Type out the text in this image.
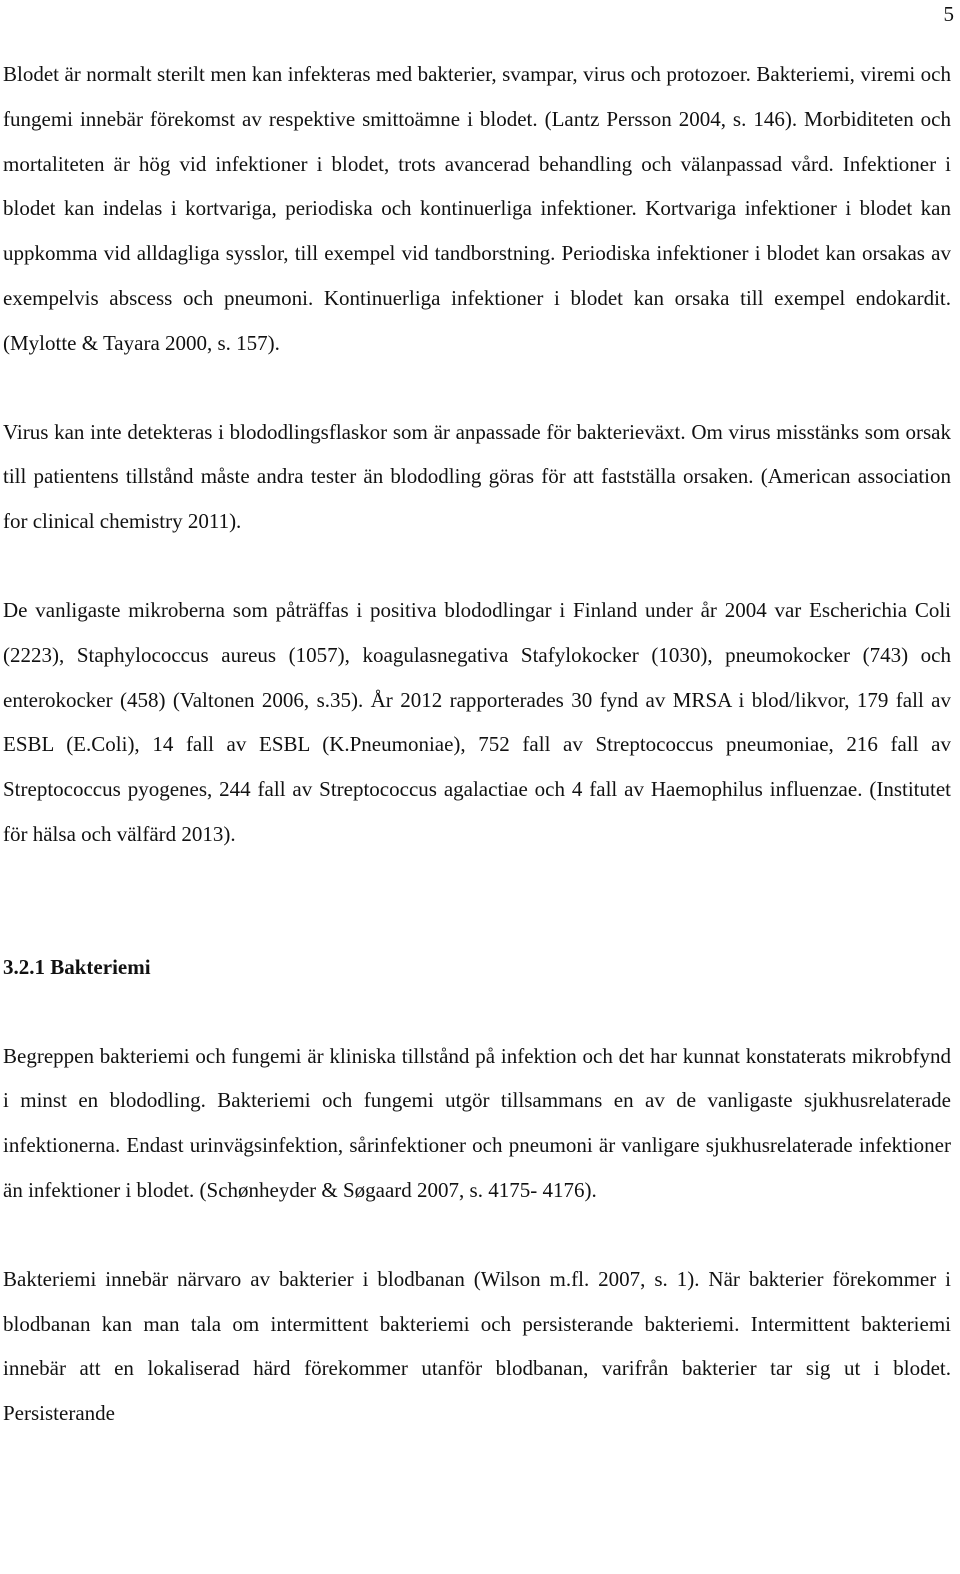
5

Blodet är normalt sterilt men kan infekteras med bakterier, svampar, virus och protozoer. Bakteriemi, viremi och fungemi innebär förekomst av respektive smittoämne i blodet. (Lantz Persson 2004, s. 146). Morbiditeten och mortaliteten är hög vid infektioner i blodet, trots avancerad behandling och välanpassad vård. Infektioner i blodet kan indelas i kortvariga, periodiska och kontinuerliga infektioner. Kortvariga infektioner i blodet kan uppkomma vid alldagliga sysslor, till exempel vid tandborstning. Periodiska infektioner i blodet kan orsakas av exempelvis abscess och pneumoni. Kontinuerliga infektioner i blodet kan orsaka till exempel endokardit. (Mylotte & Tayara 2000, s. 157).

Virus kan inte detekteras i blododlingsflaskor som är anpassade för bakterieväxt. Om virus misstänks som orsak till patientens tillstånd måste andra tester än blododling göras för att fastställa orsaken. (American association for clinical chemistry 2011).

De vanligaste mikroberna som påträffas i positiva blododlingar i Finland under år 2004 var Escherichia Coli (2223), Staphylococcus aureus (1057), koagulasnegativa Stafylokocker (1030), pneumokocker (743) och enterokocker (458) (Valtonen 2006, s.35). År 2012 rapporterades 30 fynd av MRSA i blod/likvor, 179 fall av ESBL (E.Coli), 14 fall av ESBL (K.Pneumoniae), 752 fall av Streptococcus pneumoniae, 216 fall av Streptococcus pyogenes, 244 fall av Streptococcus agalactiae och 4 fall av Haemophilus influenzae. (Institutet för hälsa och välfärd 2013).

3.2.1 Bakteriemi

Begreppen bakteriemi och fungemi är kliniska tillstånd på infektion och det har kunnat konstaterats mikrobfynd i minst en blododling. Bakteriemi och fungemi utgör tillsammans en av de vanligaste sjukhusrelaterade infektionerna. Endast urinvägsinfektion, sårinfektioner och pneumoni är vanligare sjukhusrelaterade infektioner än infektioner i blodet. (Schønheyder & Søgaard 2007, s. 4175- 4176).

Bakteriemi innebär närvaro av bakterier i blodbanan (Wilson m.fl. 2007, s. 1). När bakterier förekommer i blodbanan kan man tala om intermittent bakteriemi och persisterande bakteriemi. Intermittent bakteriemi innebär att en lokaliserad härd förekommer utanför blodbanan, varifrån bakterier tar sig ut i blodet. Persisterande
